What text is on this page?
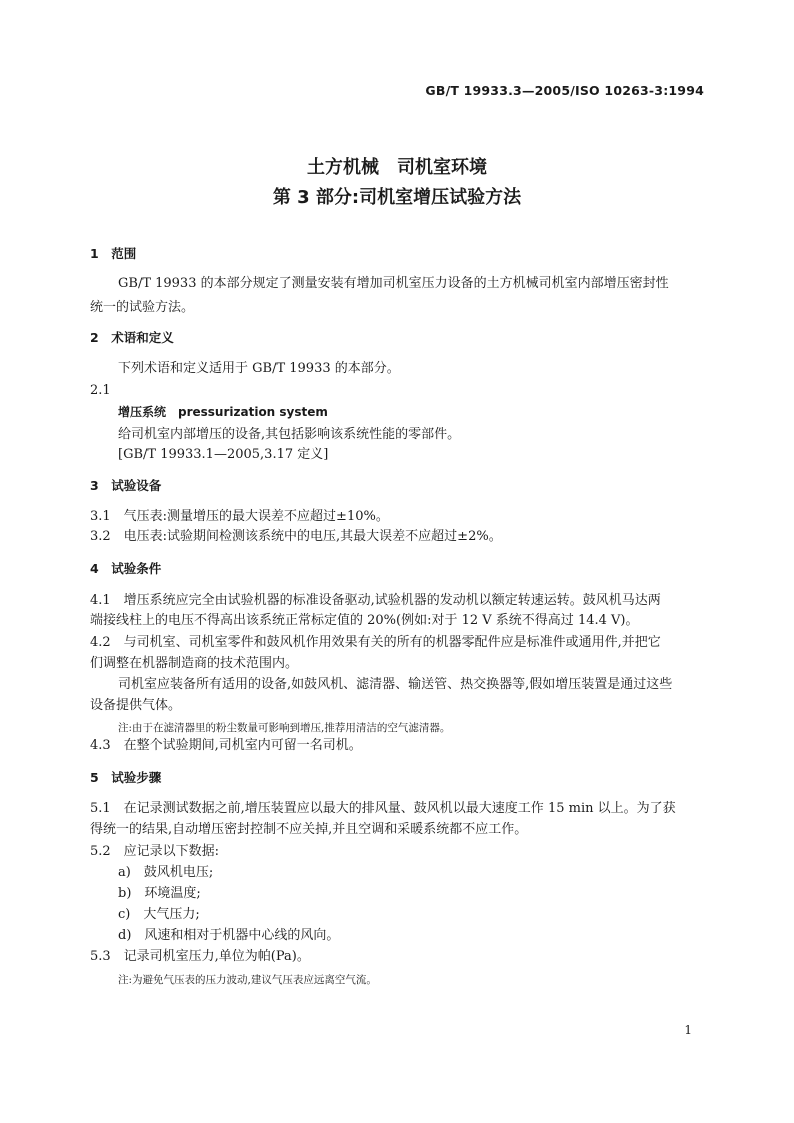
GB/T 19933.3—2005/ISO 10263-3:1994
土方机械　司机室环境
第 3 部分:司机室增压试验方法
1　范围
GB/T 19933 的本部分规定了测量安装有增加司机室压力设备的土方机械司机室内部增压密封性
统一的试验方法。
2　术语和定义
下列术语和定义适用于 GB/T 19933 的本部分。
2.1
增压系统　pressurization system
给司机室内部增压的设备,其包括影响该系统性能的零部件。
[GB/T 19933.1—2005,3.17 定义]
3　试验设备
3.1　气压表:测量增压的最大误差不应超过±10%。
3.2　电压表:试验期间检测该系统中的电压,其最大误差不应超过±2%。
4　试验条件
4.1　增压系统应完全由试验机器的标准设备驱动,试验机器的发动机以额定转速运转。鼓风机马达两
端接线柱上的电压不得高出该系统正常标定值的 20%(例如:对于 12 V 系统不得高过 14.4 V)。
4.2　与司机室、司机室零件和鼓风机作用效果有关的所有的机器零配件应是标准件或通用件,并把它
们调整在机器制造商的技术范围内。
司机室应装备所有适用的设备,如鼓风机、滤清器、输送管、热交换器等,假如增压装置是通过这些
设备提供气体。
注:由于在滤清器里的粉尘数量可影响到增压,推荐用清洁的空气滤清器。
4.3　在整个试验期间,司机室内可留一名司机。
5　试验步骤
5.1　在记录测试数据之前,增压装置应以最大的排风量、鼓风机以最大速度工作 15 min 以上。为了获
得统一的结果,自动增压密封控制不应关掉,并且空调和采暖系统都不应工作。
5.2　应记录以下数据:
a)　鼓风机电压;
b)　环境温度;
c)　大气压力;
d)　风速和相对于机器中心线的风向。
5.3　记录司机室压力,单位为帕(Pa)。
注:为避免气压表的压力波动,建议气压表应远离空气流。
1
